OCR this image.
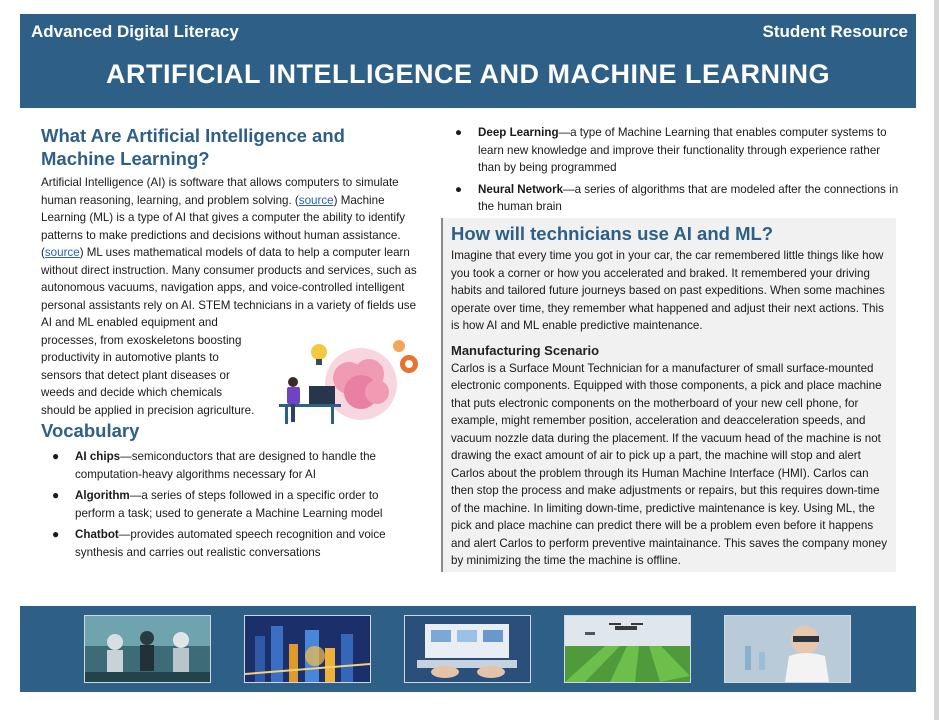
Advanced Digital Literacy	Student Resource
ARTIFICIAL INTELLIGENCE AND MACHINE LEARNING
What Are Artificial Intelligence and Machine Learning?

Artificial Intelligence (AI) is software that allows computers to simulate human reasoning, learning, and problem solving. (source) Machine Learning (ML) is a type of AI that gives a computer the ability to identify patterns to make predictions and decisions without human assistance. (source) ML uses mathematical models of data to help a computer learn without direct instruction. Many consumer products and services, such as autonomous vacuums, navigation apps, and voice-controlled intelligent personal assistants rely on AI. STEM technicians in a variety of fields use AI and ML enabled equipment and

processes, from exoskeletons boosting productivity in automotive plants to sensors that detect plant diseases or weeds and decide which chemicals should be applied in precision agriculture.
Vocabulary
● AI chips—semiconductors that are designed to handle the computation-heavy algorithms necessary for AI
● Algorithm—a series of steps followed in a specific order to perform a task; used to generate a Machine Learning model
● Chatbot—provides automated speech recognition and voice synthesis and carries out realistic conversations
● Deep Learning—a type of Machine Learning that enables computer systems to learn new knowledge and improve their functionality through experience rather than by being programmed
● Neural Network—a series of algorithms that are modeled after the connections in the human brain
How will technicians use AI and ML?

Imagine that every time you got in your car, the car remembered little things like how you took a corner or how you accelerated and braked. It remembered your driving habits and tailored future journeys based on past expeditions. When some machines operate over time, they remember what happened and adjust their next actions. This is how AI and ML enable predictive maintenance.

Manufacturing Scenario

Carlos is a Surface Mount Technician for a manufacturer of small surface-mounted electronic components. Equipped with those components, a pick and place machine that puts electronic components on the motherboard of your new cell phone, for example, might remember position, acceleration and deacceleration speeds, and vacuum nozzle data during the placement. If the vacuum head of the machine is not drawing the exact amount of air to pick up a part, the machine will stop and alert Carlos about the problem through its Human Machine Interface (HMI). Carlos can then stop the process and make adjustments or repairs, but this requires down-time of the machine. In limiting down-time, predictive maintenance is key. Using ML, the pick and place machine can predict there will be a problem even before it happens and alert Carlos to perform preventive maintainance. This saves the company money by minimizing the time the machine is offline.
